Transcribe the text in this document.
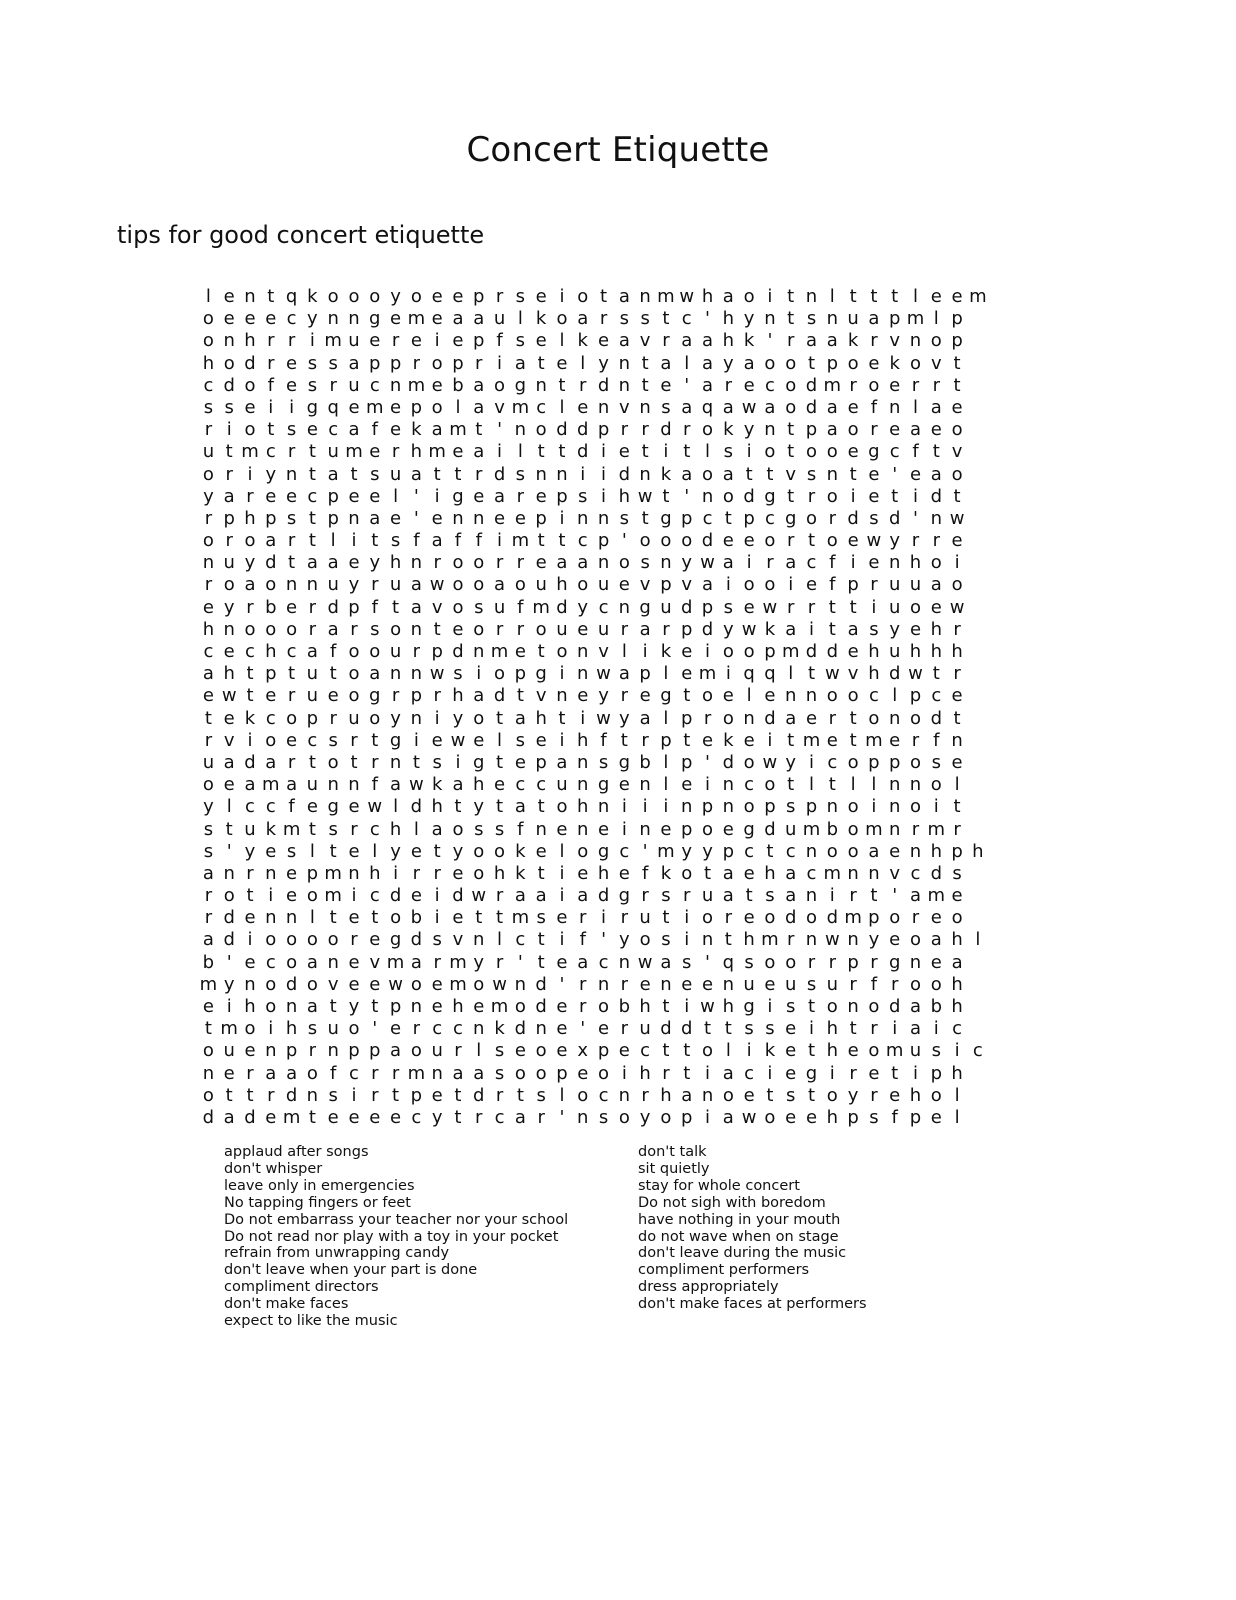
Concert Etiquette
tips for good concert etiquette
l e n t q k o o o y o e e p r s e i o t a n m w h a o i t n l t t t l e e m
o e e e c y n n g e m e a a u l k o a r s s t c ' h y n t s n u a p m l p
o n h r r i m u e r e i e p f s e l k e a v r a a h k ' r a a k r v n o p
h o d r e s s a p p r o p r i a t e l y n t a l a y a o o t p o e k o v t
c d o f e s r u c n m e b a o g n t r d n t e ' a r e c o d m r o e r r t
s s e i i g q e m e p o l a v m c l e n v n s a q a w a o d a e f n l a e
r i o t s e c a f e k a m t ' n o d d p r r d r o k y n t p a o r e a e o
u t m c r t u m e r h m e a i l t t d i e t i t l s i o t o o e g c f t v
o r i y n t a t s u a t t r d s n n i i d n k a o a t t v s n t e ' e a o
y a r e e c p e e l ' i g e a r e p s i h w t ' n o d g t r o i e t i d t
r p h p s t p n a e ' e n n e e p i n n s t g p c t p c g o r d s d ' n w
o r o a r t l i t s f a f f i m t t c p ' o o o d e e o r t o e w y r r e
n u y d t a a e y h n r o o r r e a a n o s n y w a i r a c f i e n h o i
r o a o n n u y r u a w o o a o u h o u e v p v a i o o i e f p r u u a o
e y r b e r d p f t a v o s u f m d y c n g u d p s e w r r t t i u o e w
h n o o o r a r s o n t e o r r o u e u r a r p d y w k a i t a s y e h r
c e c h c a f o o u r p d n m e t o n v l i k e i o o p m d d e h u h h h
a h t p t u t o a n n w s i o p g i n w a p l e m i q q l t w v h d w t r
e w t e r u e o g r p r h a d t v n e y r e g t o e l e n n o o c l p c e
t e k c o p r u o y n i y o t a h t i w y a l p r o n d a e r t o n o d t
r v i o e c s r t g i e w e l s e i h f t r p t e k e i t m e t m e r f n
u a d a r t o t r n t s i g t e p a n s g b l p ' d o w y i c o p p o s e
o e a m a u n n f a w k a h e c c u n g e n l e i n c o t l t l l n n o l
y l c c f e g e w l d h t y t a t o h n i i i n p n o p s p n o i n o i t
s t u k m t s r c h l a o s s f n e n e i n e p o e g d u m b o m n r m r
s ' y e s l t e l y e t y o o k e l o g c ' m y y p c t c n o o a e n h p h
a n r n e p m n h i r r e o h k t i e h e f k o t a e h a c m n n v c d s
r o t i e o m i c d e i d w r a a i a d g r s r u a t s a n i r t ' a m e
r d e n n l t e t o b i e t t m s e r i r u t i o r e o d o d m p o r e o
a d i o o o o r e g d s v n l c t i f ' y o s i n t h m r n w n y e o a h l
b ' e c o a n e v m a r m y r ' t e a c n w a s ' q s o o r r p r g n e a
m y n o d o v e e w o e m o w n d ' r n r e n e e n u e u s u r f r o o h
e i h o n a t y t p n e h e m o d e r o b h t i w h g i s t o n o d a b h
t m o i h s u o ' e r c c n k d n e ' e r u d d t t s s e i h t r i a i c
o u e n p r n p p a o u r l s e o e x p e c t t o l i k e t h e o m u s i c
n e r a a o f c r r m n a a s o o p e o i h r t i a c i e g i r e t i p h
o t t r d n s i r t p e t d r t s l o c n r h a n o e t s t o y r e h o l
d a d e m t e e e e c y t r c a r ' n s o y o p i a w o e e h p s f p e l
applaud after songs
don't whisper
leave only in emergencies
No tapping fingers or feet
Do not embarrass your teacher nor your school
Do not read nor play with a toy in your pocket
refrain from unwrapping candy
don't leave when your part is done
compliment directors
don't make faces
expect to like the music
don't talk
sit quietly
stay for whole concert
Do not sigh with boredom
have nothing in your mouth
do not wave when on stage
don't leave during the music
compliment performers
dress appropriately
don't make faces at performers
